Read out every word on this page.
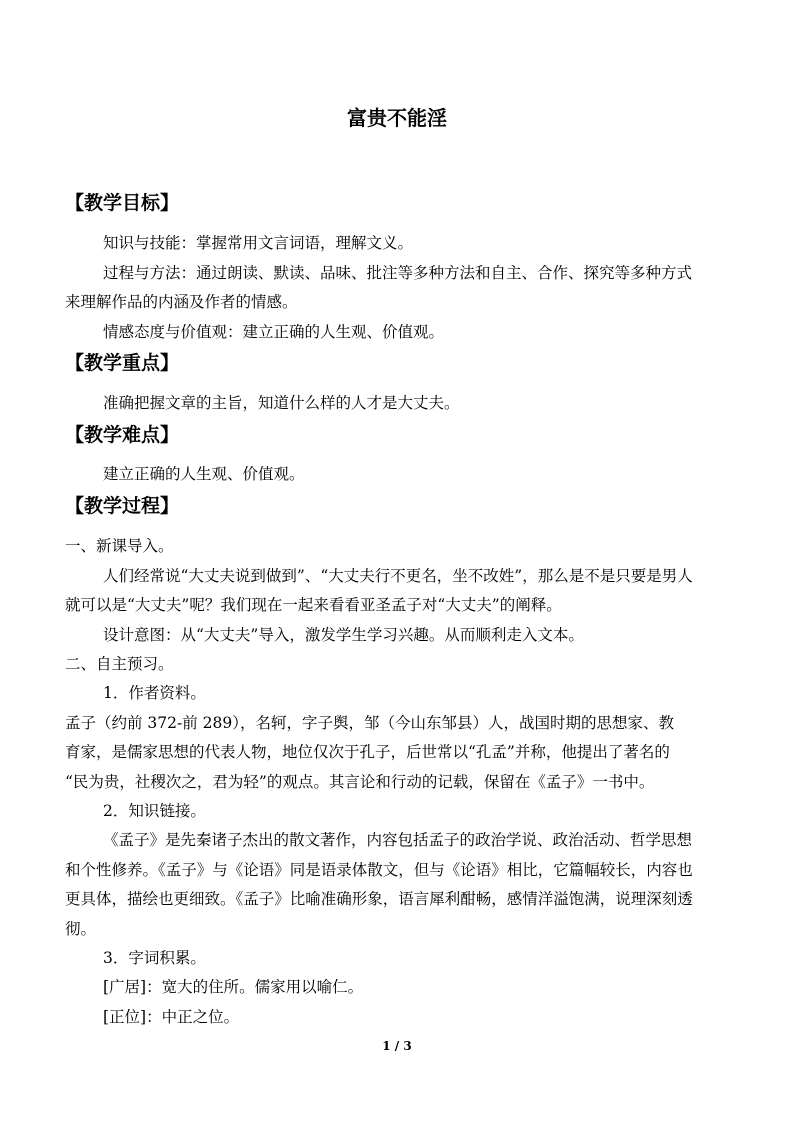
富贵不能淫
【教学目标】
知识与技能：掌握常用文言词语，理解文义。
过程与方法：通过朗读、默读、品味、批注等多种方法和自主、合作、探究等多种方式
来理解作品的内涵及作者的情感。
情感态度与价值观：建立正确的人生观、价值观。
【教学重点】
准确把握文章的主旨，知道什么样的人才是大丈夫。
【教学难点】
建立正确的人生观、价值观。
【教学过程】
一、新课导入。
人们经常说“大丈夫说到做到”、“大丈夫行不更名，坐不改姓”，那么是不是只要是男人
就可以是“大丈夫”呢？我们现在一起来看看亚圣孟子对“大丈夫”的阐释。
设计意图：从“大丈夫”导入，激发学生学习兴趣。从而顺利走入文本。
二、自主预习。
1．作者资料。
孟子（约前 372-前 289），名轲，字子舆，邹（今山东邹县）人，战国时期的思想家、教
育家，是儒家思想的代表人物，地位仅次于孔子，后世常以“孔孟”并称，他提出了著名的
“民为贵，社稷次之，君为轻”的观点。其言论和行动的记载，保留在《孟子》一书中。
2．知识链接。
《孟子》是先秦诸子杰出的散文著作，内容包括孟子的政治学说、政治活动、哲学思想
和个性修养。《孟子》与《论语》同是语录体散文，但与《论语》相比，它篇幅较长，内容也
更具体，描绘也更细致。《孟子》比喻准确形象，语言犀利酣畅，感情洋溢饱满，说理深刻透
彻。
3．字词积累。
[广居]：宽大的住所。儒家用以喻仁。
[正位]：中正之位。
1 / 3
